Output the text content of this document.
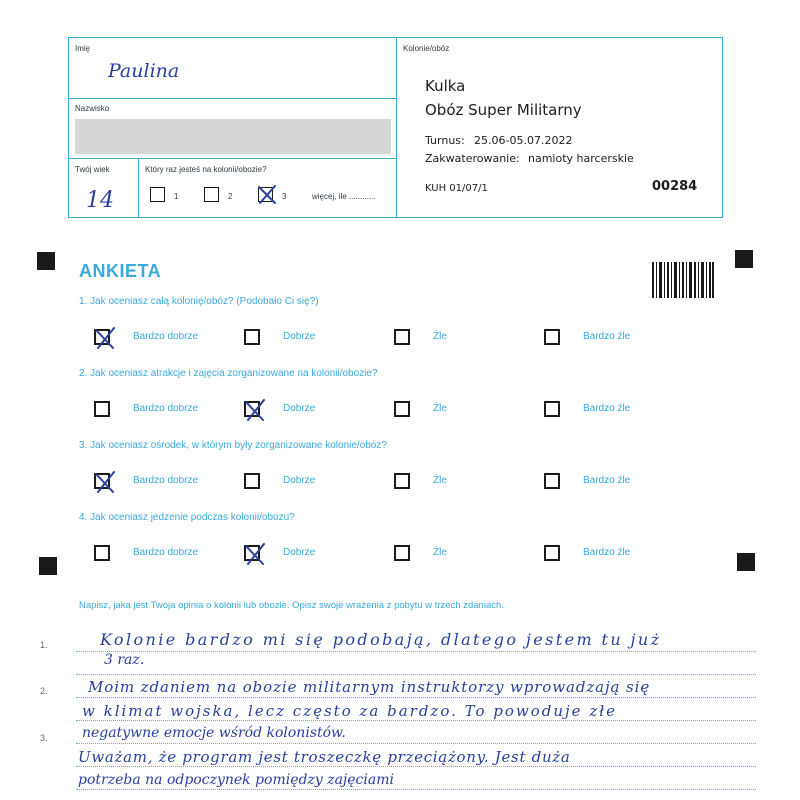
Imię
Paulina
Nazwisko
Twój wiek
14
Który raz jesteś na kolonii/obozie?
1	2	3	więcej, ile ............
Kolonie/obóz
Kulka
Obóz Super Militarny
Turnus: 25.06-05.07.2022
Zakwaterowanie: namioty harcerskie
KUH 01/07/1	00284
ANKIETA
1. Jak oceniasz całą kolonię/obóz? (Podobało Ci się?)
Bardzo dobrze	Dobrze	Źle	Bardzo źle
2. Jak oceniasz atrakcje i zajęcia zorganizowane na kolonii/obozie?
Bardzo dobrze	Dobrze	Źle	Bardzo źle
3. Jak oceniasz ośrodek, w którym były zorganizowane kolonie/obóz?
Bardzo dobrze	Dobrze	Źle	Bardzo źle
4. Jak oceniasz jedzenie podczas kolonii/obozu?
Bardzo dobrze	Dobrze	Źle	Bardzo źle
Napisz, jaka jest Twoja opinia o kolonii lub obozie. Opisz swoje wrażenia z pobytu w trzech zdaniach.
1.
2.
3.
Kolonie bardzo mi się podobają, dlatego jestem tu już
3 raz.
Moim zdaniem na obozie militarnym instruktorzy wprowadzają się
w klimat wojska, lecz często za bardzo. To powoduje złe
negatywne emocje wśród kolonistów.
Uważam, że program jest troszeczkę przeciążony. Jest duża
potrzeba na odpoczynek pomiędzy zajęciami
